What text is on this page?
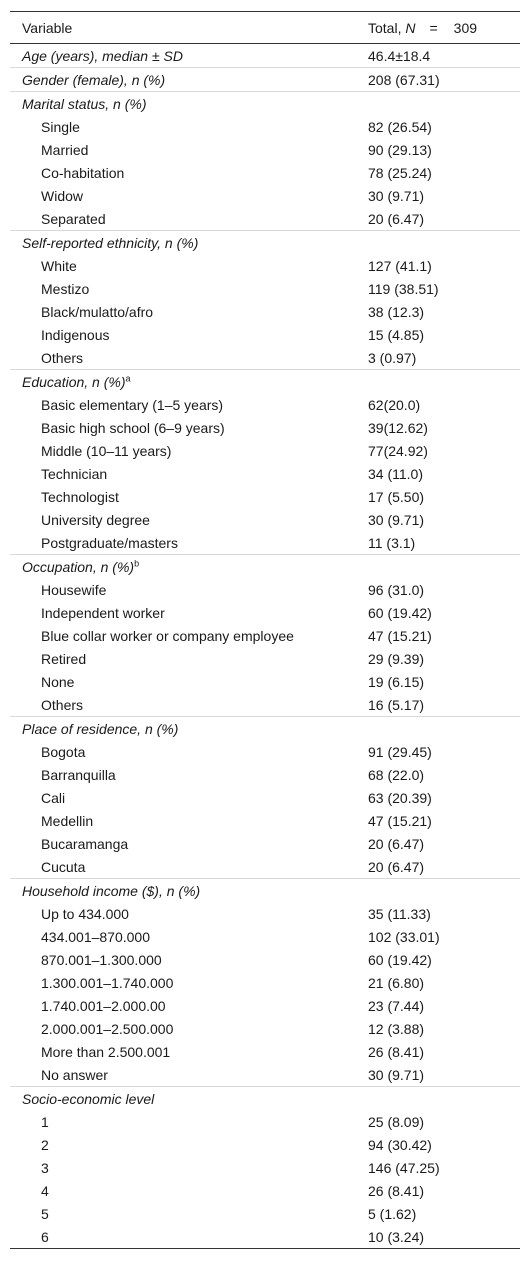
Variable	Total, N = 309
Age (years), median ± SD	46.4±18.4
Gender (female), n (%)	208 (67.31)
Marital status, n (%)	
Single	82 (26.54)
Married	90 (29.13)
Co-habitation	78 (25.24)
Widow	30 (9.71)
Separated	20 (6.47)
Self-reported ethnicity, n (%)	
White	127 (41.1)
Mestizo	119 (38.51)
Black/mulatto/afro	38 (12.3)
Indigenous	15 (4.85)
Others	3 (0.97)
Education, n (%)$^a$	
Basic elementary (1–5 years)	62(20.0)
Basic high school (6–9 years)	39(12.62)
Middle (10–11 years)	77(24.92)
Technician	34 (11.0)
Technologist	17 (5.50)
University degree	30 (9.71)
Postgraduate/masters	11 (3.1)
Occupation, n (%)$^b$	
Housewife	96 (31.0)
Independent worker	60 (19.42)
Blue collar worker or company employee	47 (15.21)
Retired	29 (9.39)
None	19 (6.15)
Others	16 (5.17)
Place of residence, n (%)	
Bogota	91 (29.45)
Barranquilla	68 (22.0)
Cali	63 (20.39)
Medellin	47 (15.21)
Bucaramanga	20 (6.47)
Cucuta	20 (6.47)
Household income ($), n (%)	
Up to 434.000	35 (11.33)
434.001–870.000	102 (33.01)
870.001–1.300.000	60 (19.42)
1.300.001–1.740.000	21 (6.80)
1.740.001–2.000.00	23 (7.44)
2.000.001–2.500.000	12 (3.88)
More than 2.500.001	26 (8.41)
No answer	30 (9.71)
Socio-economic level	
1	25 (8.09)
2	94 (30.42)
3	146 (47.25)
4	26 (8.41)
5	5 (1.62)
6	10 (3.24)
